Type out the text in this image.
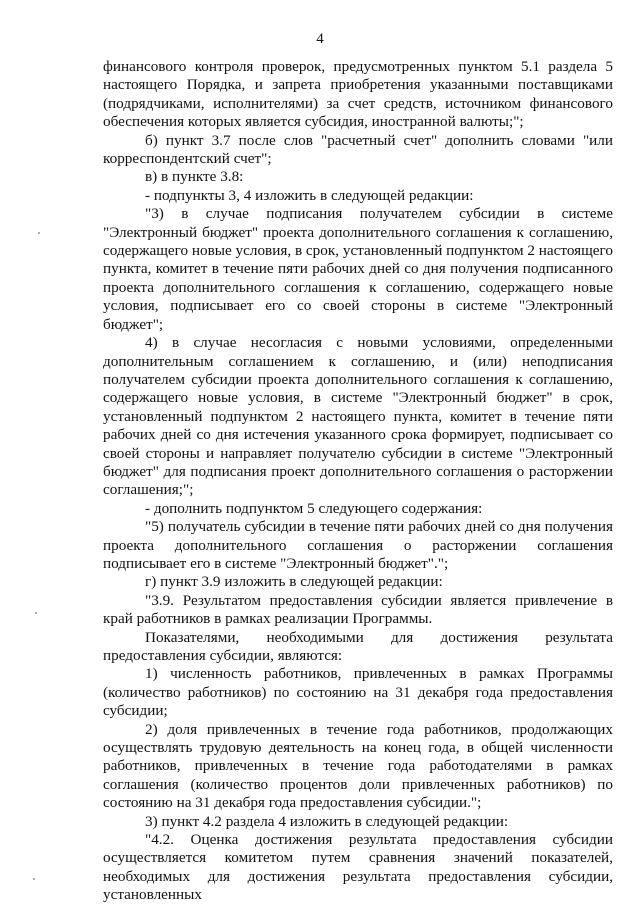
4

финансового контроля проверок, предусмотренных пунктом 5.1 раздела 5 настоящего Порядка, и запрета приобретения указанными поставщиками (подрядчиками, исполнителями) за счет средств, источником финансового обеспечения которых является субсидия, иностранной валюты;";

б) пункт 3.7 после слов "расчетный счет" дополнить словами "или корреспондентский счет";

в) в пункте 3.8:

- подпункты 3, 4 изложить в следующей редакции:

"3) в случае подписания получателем субсидии в системе "Электронный бюджет" проекта дополнительного соглашения к соглашению, содержащего новые условия, в срок, установленный подпунктом 2 настоящего пункта, комитет в течение пяти рабочих дней со дня получения подписанного проекта дополнительного соглашения к соглашению, содержащего новые условия, подписывает его со своей стороны в системе "Электронный бюджет";

4) в случае несогласия с новыми условиями, определенными дополнительным соглашением к соглашению, и (или) неподписания получателем субсидии проекта дополнительного соглашения к соглашению, содержащего новые условия, в системе "Электронный бюджет" в срок, установленный подпунктом 2 настоящего пункта, комитет в течение пяти рабочих дней со дня истечения указанного срока формирует, подписывает со своей стороны и направляет получателю субсидии в системе "Электронный бюджет" для подписания проект дополнительного соглашения о расторжении соглашения;";

- дополнить подпунктом 5 следующего содержания:

"5) получатель субсидии в течение пяти рабочих дней со дня получения проекта дополнительного соглашения о расторжении соглашения подписывает его в системе "Электронный бюджет".";

г) пункт 3.9 изложить в следующей редакции:

"3.9. Результатом предоставления субсидии является привлечение в край работников в рамках реализации Программы.

Показателями, необходимыми для достижения результата предоставления субсидии, являются:

1) численность работников, привлеченных в рамках Программы (количество работников) по состоянию на 31 декабря года предоставления субсидии;

2) доля привлеченных в течение года работников, продолжающих осуществлять трудовую деятельность на конец года, в общей численности работников, привлеченных в течение года работодателями в рамках соглашения (количество процентов доли привлеченных работников) по состоянию на 31 декабря года предоставления субсидии.";

3) пункт 4.2 раздела 4 изложить в следующей редакции:

"4.2. Оценка достижения результата предоставления субсидии осуществляется комитетом путем сравнения значений показателей, необходимых для достижения результата предоставления субсидии, установленных
